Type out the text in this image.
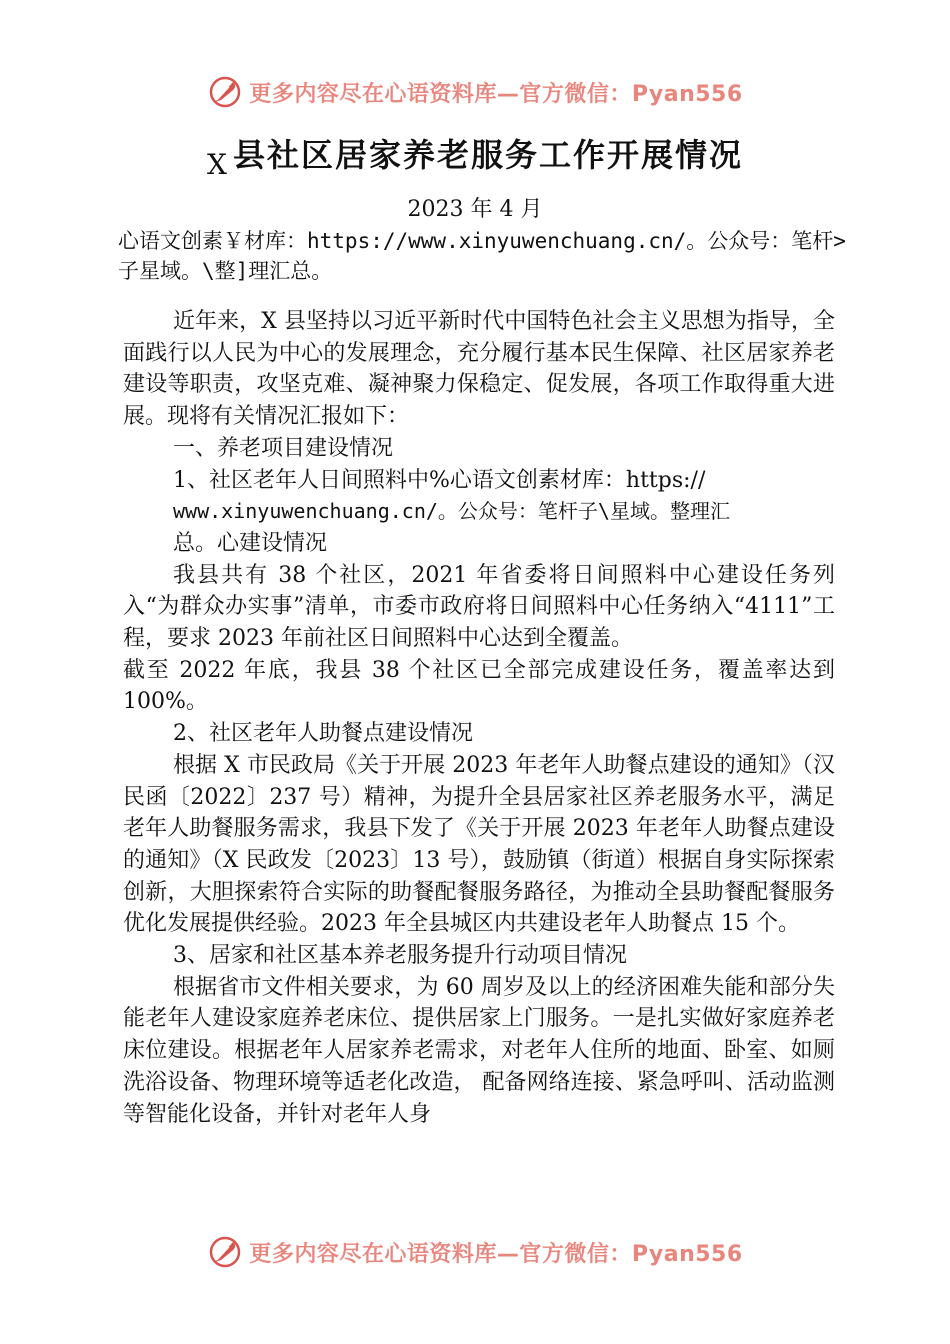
更多内容尽在心语资料库—官方微信：Pyan556
X 县社区居家养老服务工作开展情况
2023 年 4 月

心语文创素￥材库：https://www.xinyuwenchuang.cn/。公众号：笔杆>子星域。\整]理汇总。

近年来，X 县坚持以习近平新时代中国特色社会主义思想为指导，全面践行以人民为中心的发展理念，充分履行基本民生保障、社区居家养老建设等职责，攻坚克难、凝神聚力保稳定、促发展，各项工作取得重大进展。现将有关情况汇报如下：

一、养老项目建设情况

1、社区老年人日间照料中%心语文创素材库：https://
www.xinyuwenchuang.cn/。公众号：笔杆子\星域。整理汇
总。心建设情况

我县共有 38 个社区，2021 年省委将日间照料中心建设任务列入“为群众办实事”清单，市委市政府将日间照料中心任务纳入“4111”工程，要求 2023 年前社区日间照料中心达到全覆盖。

截至 2022 年底，我县 38 个社区已全部完成建设任务，覆盖率达到 100%。

2、社区老年人助餐点建设情况

根据 X 市民政局《关于开展 2023 年老年人助餐点建设的通知》（汉民函〔2022〕237 号）精神，为提升全县居家社区养老服务水平，满足老年人助餐服务需求，我县下发了《关于开展 2023 年老年人助餐点建设的通知》（X 民政发〔2023〕13 号），鼓励镇（街道）根据自身实际探索创新，大胆探索符合实际的助餐配餐服务路径，为推动全县助餐配餐服务优化发展提供经验。2023 年全县城区内共建设老年人助餐点 15 个。

3、居家和社区基本养老服务提升行动项目情况

根据省市文件相关要求，为 60 周岁及以上的经济困难失能和部分失能老年人建设家庭养老床位、提供居家上门服务。一是扎实做好家庭养老床位建设。根据老年人居家养老需求，对老年人住所的地面、卧室、如厕洗浴设备、物理环境等适老化改造， 配备网络连接、紧急呼叫、活动监测等智能化设备，并针对老年人身

更多内容尽在心语资料库—官方微信：Pyan556
